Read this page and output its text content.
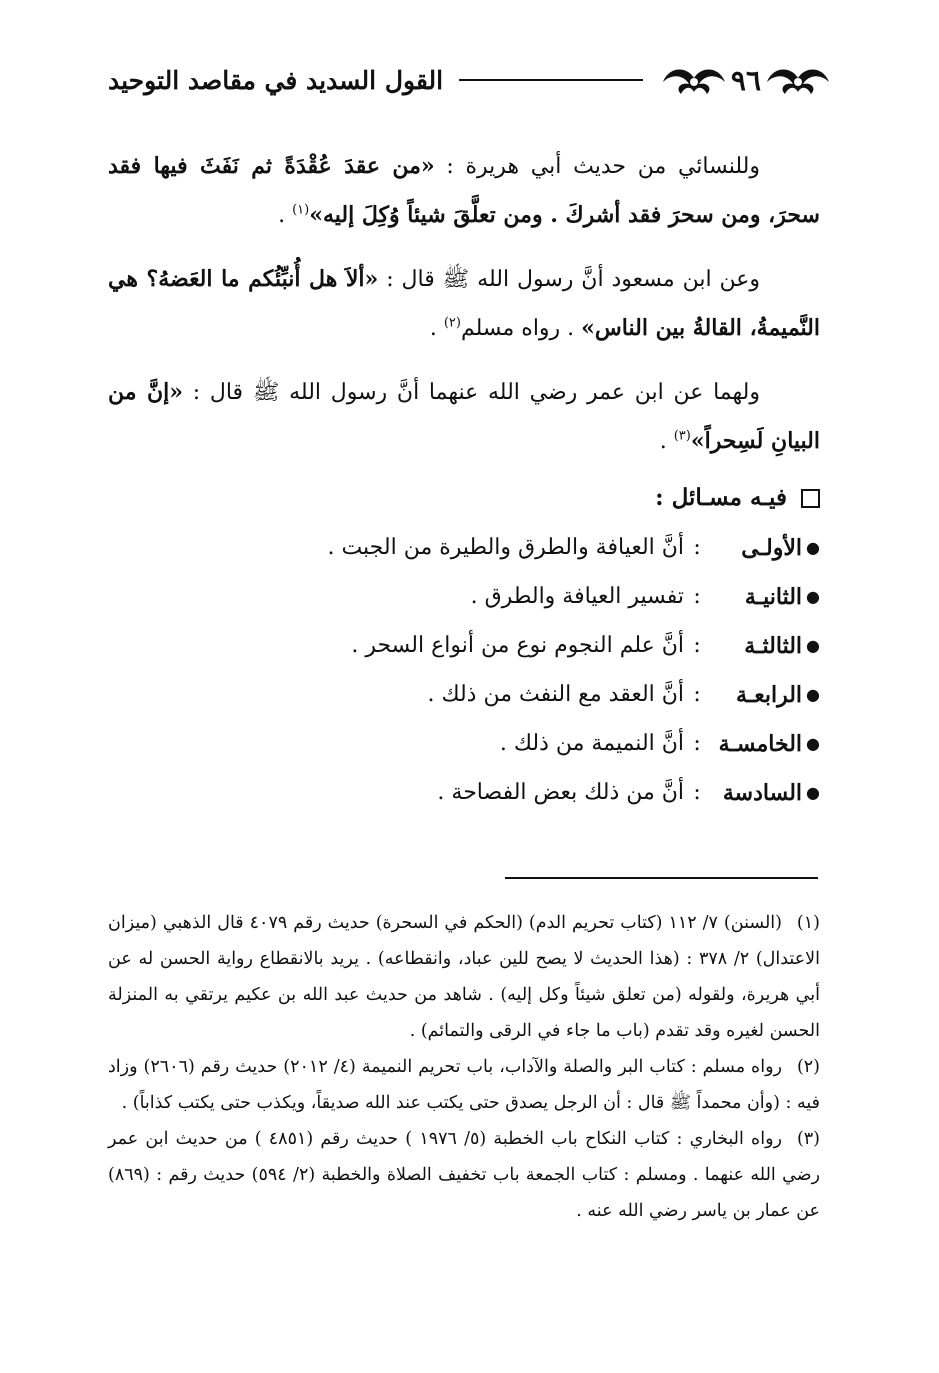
٩٦
القول السديد في مقاصد التوحيد
وللنسائي من حديث أبي هريرة : «من عقدَ عُقْدَةً ثم نَفَثَ فيها فقد سحرَ، ومن سحرَ فقد أشركَ . ومن تعلَّقَ شيئاً وُكِلَ إليه»$^{(١)}$ .
وعن ابن مسعود أنَّ رسول الله ﷺ قال : «ألاَ هل أُنبِّئُكم ما العَضهُ؟ هي النَّميمةُ، القالةُ بين الناس» . رواه مسلم$^{(٢)}$ .
ولهما عن ابن عمر رضي الله عنهما أنَّ رسول الله ﷺ قال : «إنَّ من البيانِ لَسِحراً»$^{(٣)}$ .
فيـه مسـائل :
●
الأولـى
:
أنَّ العيافة والطرق والطيرة من الجبت .
●
الثانيـة
:
تفسير العيافة والطرق .
●
الثالثـة
:
أنَّ علم النجوم نوع من أنواع السحر .
●
الرابعـة
:
أنَّ العقد مع النفث من ذلك .
●
الخامسـة
:
أنَّ النميمة من ذلك .
●
السادسة
:
أنَّ من ذلك بعض الفصاحة .
(١)(السنن) ٧/ ١١٢ (كتاب تحريم الدم) (الحكم في السحرة) حديث رقم ٤٠٧٩ قال الذهبي (ميزان الاعتدال) ٢/ ٣٧٨ : (هذا الحديث لا يصح للين عباد، وانقطاعه) . يريد بالانقطاع رواية الحسن له عن أبي هريرة، ولقوله (من تعلق شيئاً وكل إليه) . شاهد من حديث عبد الله بن عكيم يرتقي به المنزلة الحسن لغيره وقد تقدم (باب ما جاء في الرقى والتمائم) .
(٢)رواه مسلم : كتاب البر والصلة والآداب، باب تحريم النميمة (٤/ ٢٠١٢) حديث رقم (٢٦٠٦) وزاد فيه : (وأن محمداً ﷺ قال : أن الرجل يصدق حتى يكتب عند الله صديقاً، ويكذب حتى يكتب كذاباً) .
(٣)رواه البخاري : كتاب النكاح باب الخطبة (٥/ ١٩٧٦ ) حديث رقم (٤٨٥١ ) من حديث ابن عمر رضي الله عنهما . ومسلم : كتاب الجمعة باب تخفيف الصلاة والخطبة (٢/ ٥٩٤) حديث رقم : (٨٦٩) عن عمار بن ياسر رضي الله عنه .
